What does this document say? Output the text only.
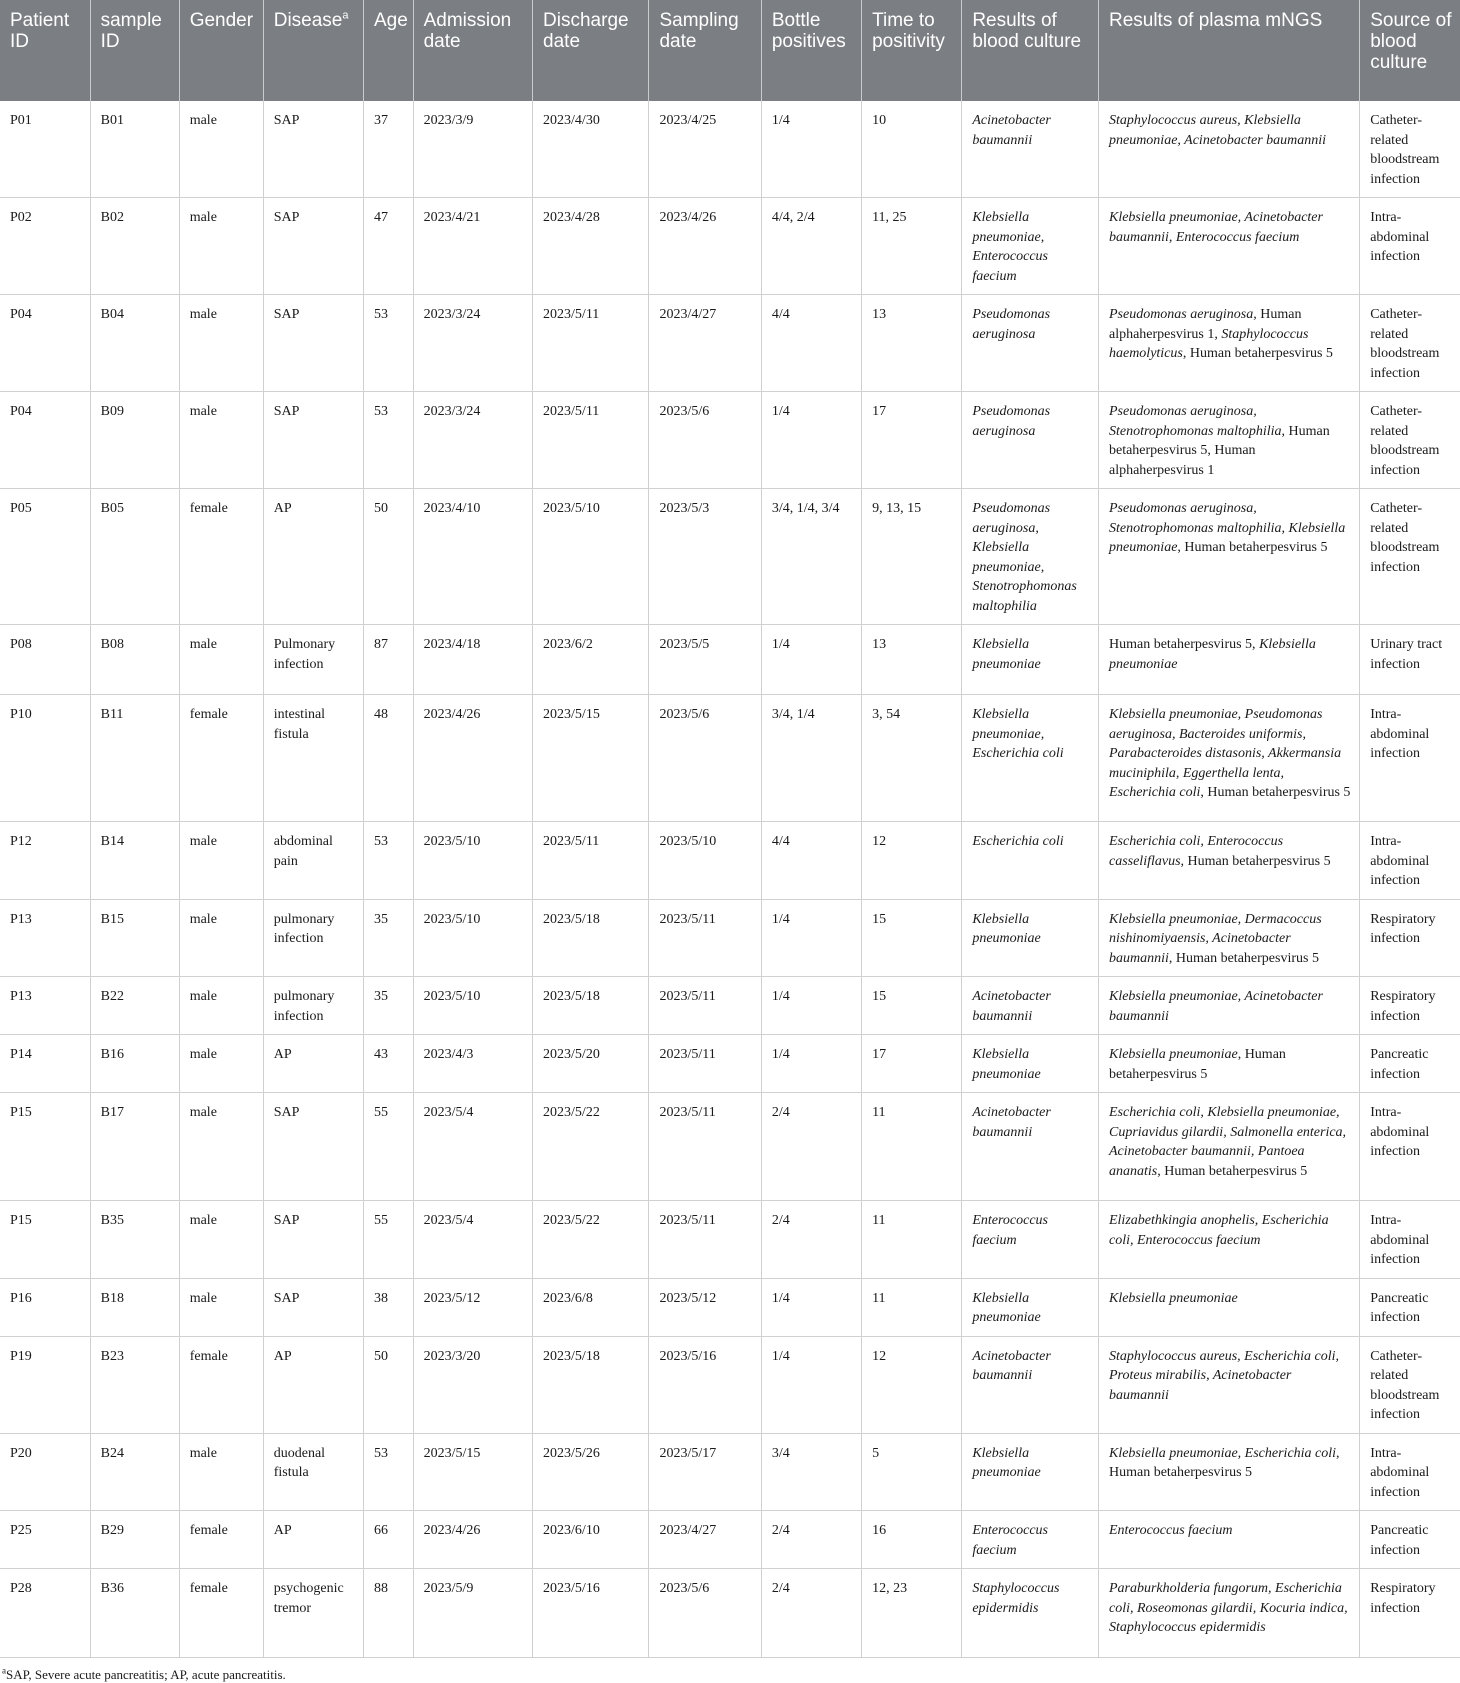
Patient ID	sample ID	Gender	Disease$^a$	Age	Admission date	Discharge date	Sampling date	Bottle positives	Time to positivity	Results of blood culture	Results of plasma mNGS	Source of blood culture
P01	B01	male	SAP	37	2023/3/9	2023/4/30	2023/4/25	1/4	10	Acinetobacter baumannii	Staphylococcus aureus, Klebsiella pneumoniae, Acinetobacter baumannii	Catheter-related bloodstream infection
P02	B02	male	SAP	47	2023/4/21	2023/4/28	2023/4/26	4/4, 2/4	11, 25	Klebsiella pneumoniae, Enterococcus faecium	Klebsiella pneumoniae, Acinetobacter baumannii, Enterococcus faecium	Intra-abdominal infection
P04	B04	male	SAP	53	2023/3/24	2023/5/11	2023/4/27	4/4	13	Pseudomonas aeruginosa	Pseudomonas aeruginosa, Human alphaherpesvirus 1, Staphylococcus haemolyticus, Human betaherpesvirus 5	Catheter-related bloodstream infection
P04	B09	male	SAP	53	2023/3/24	2023/5/11	2023/5/6	1/4	17	Pseudomonas aeruginosa	Pseudomonas aeruginosa, Stenotrophomonas maltophilia, Human betaherpesvirus 5, Human alphaherpesvirus 1	Catheter-related bloodstream infection
P05	B05	female	AP	50	2023/4/10	2023/5/10	2023/5/3	3/4, 1/4, 3/4	9, 13, 15	Pseudomonas aeruginosa, Klebsiella pneumoniae, Stenotrophomonas maltophilia	Pseudomonas aeruginosa, Stenotrophomonas maltophilia, Klebsiella pneumoniae, Human betaherpesvirus 5	Catheter-related bloodstream infection
P08	B08	male	Pulmonary infection	87	2023/4/18	2023/6/2	2023/5/5	1/4	13	Klebsiella pneumoniae	Human betaherpesvirus 5, Klebsiella pneumoniae	Urinary tract infection
P10	B11	female	intestinal fistula	48	2023/4/26	2023/5/15	2023/5/6	3/4, 1/4	3, 54	Klebsiella pneumoniae, Escherichia coli	Klebsiella pneumoniae, Pseudomonas aeruginosa, Bacteroides uniformis, Parabacteroides distasonis, Akkermansia muciniphila, Eggerthella lenta, Escherichia coli, Human betaherpesvirus 5	Intra-abdominal infection
P12	B14	male	abdominal pain	53	2023/5/10	2023/5/11	2023/5/10	4/4	12	Escherichia coli	Escherichia coli, Enterococcus casseliflavus, Human betaherpesvirus 5	Intra-abdominal infection
P13	B15	male	pulmonary infection	35	2023/5/10	2023/5/18	2023/5/11	1/4	15	Klebsiella pneumoniae	Klebsiella pneumoniae, Dermacoccus nishinomiyaensis, Acinetobacter baumannii, Human betaherpesvirus 5	Respiratory infection
P13	B22	male	pulmonary infection	35	2023/5/10	2023/5/18	2023/5/11	1/4	15	Acinetobacter baumannii	Klebsiella pneumoniae, Acinetobacter baumannii	Respiratory infection
P14	B16	male	AP	43	2023/4/3	2023/5/20	2023/5/11	1/4	17	Klebsiella pneumoniae	Klebsiella pneumoniae, Human betaherpesvirus 5	Pancreatic infection
P15	B17	male	SAP	55	2023/5/4	2023/5/22	2023/5/11	2/4	11	Acinetobacter baumannii	Escherichia coli, Klebsiella pneumoniae, Cupriavidus gilardii, Salmonella enterica, Acinetobacter baumannii, Pantoea ananatis, Human betaherpesvirus 5	Intra-abdominal infection
P15	B35	male	SAP	55	2023/5/4	2023/5/22	2023/5/11	2/4	11	Enterococcus faecium	Elizabethkingia anophelis, Escherichia coli, Enterococcus faecium	Intra-abdominal infection
P16	B18	male	SAP	38	2023/5/12	2023/6/8	2023/5/12	1/4	11	Klebsiella pneumoniae	Klebsiella pneumoniae	Pancreatic infection
P19	B23	female	AP	50	2023/3/20	2023/5/18	2023/5/16	1/4	12	Acinetobacter baumannii	Staphylococcus aureus, Escherichia coli, Proteus mirabilis, Acinetobacter baumannii	Catheter-related bloodstream infection
P20	B24	male	duodenal fistula	53	2023/5/15	2023/5/26	2023/5/17	3/4	5	Klebsiella pneumoniae	Klebsiella pneumoniae, Escherichia coli, Human betaherpesvirus 5	Intra-abdominal infection
P25	B29	female	AP	66	2023/4/26	2023/6/10	2023/4/27	2/4	16	Enterococcus faecium	Enterococcus faecium	Pancreatic infection
P28	B36	female	psychogenic tremor	88	2023/5/9	2023/5/16	2023/5/6	2/4	12, 23	Staphylococcus epidermidis	Paraburkholderia fungorum, Escherichia coli, Roseomonas gilardii, Kocuria indica, Staphylococcus epidermidis	Respiratory infection
$^a$SAP, Severe acute pancreatitis; AP, acute pancreatitis.
